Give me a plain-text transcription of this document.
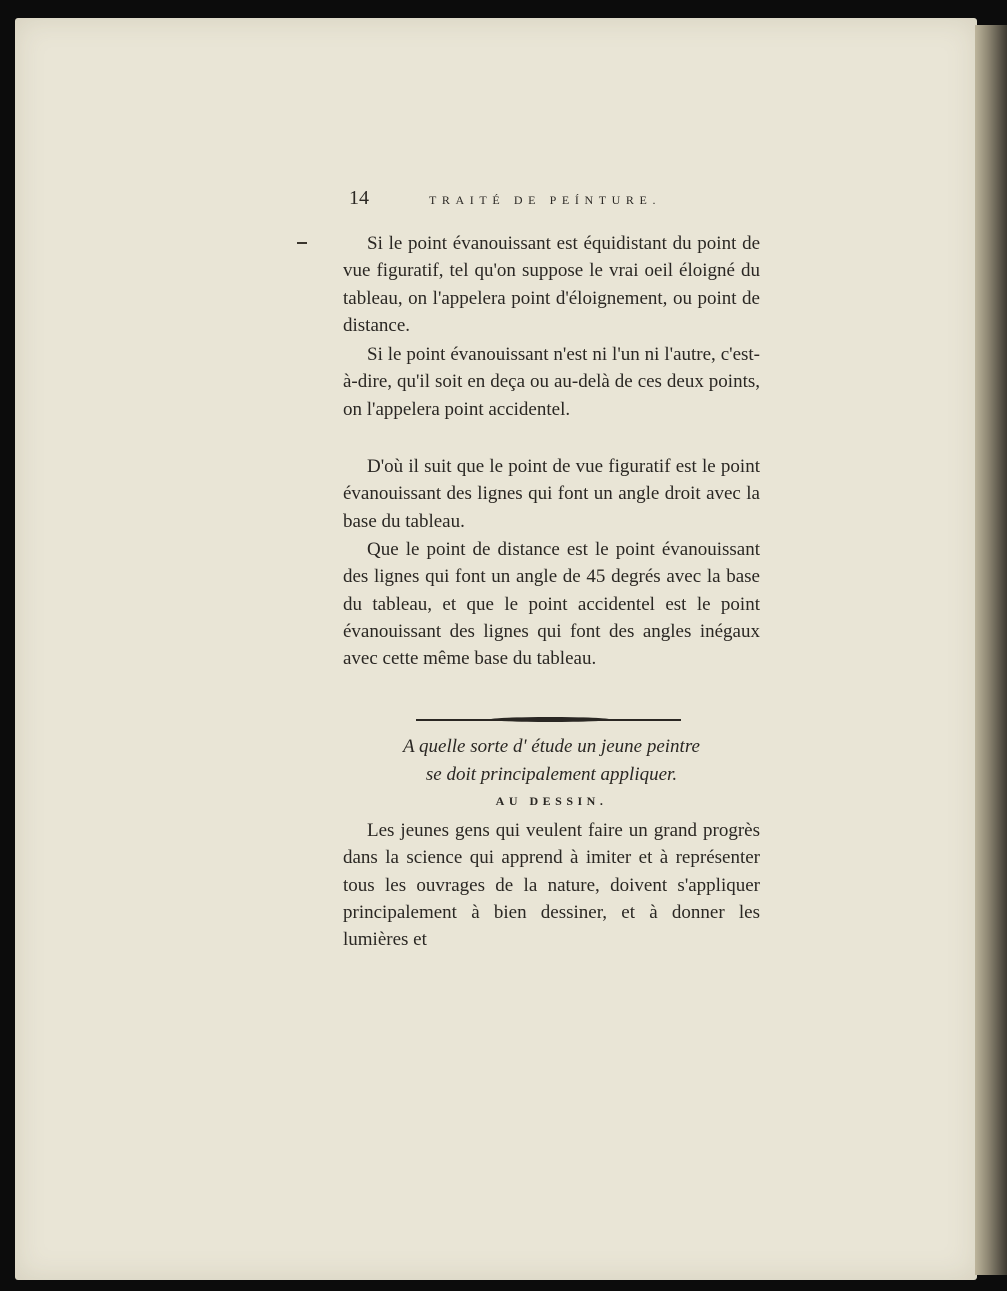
14	TRAITÉ DE PEÍNTURE.

Si le point évanouissant est équidistant du point de vue figuratif, tel qu'on suppose le vrai oeil éloigné du tableau, on l'appelera point d'éloignement, ou point de distance.

Si le point évanouissant n'est ni l'un ni l'autre, c'est-à-dire, qu'il soit en deça ou au-delà de ces deux points, on l'appelera point accidentel.

D'où il suit que le point de vue figuratif est le point évanouissant des lignes qui font un angle droit avec la base du tableau.

Que le point de distance est le point évanouissant des lignes qui font un angle de 45 degrés avec la base du tableau, et que le point accidentel est le point évanouissant des lignes qui font des angles inégaux avec cette même base du tableau.

A quelle sorte d' étude un jeune peintre

se doit principalement appliquer.

AU DESSIN.

Les jeunes gens qui veulent faire un grand progrès dans la science qui apprend à imiter et à représenter tous les ouvrages de la nature, doivent s'appliquer principalement à bien dessiner, et à donner les lumières et
